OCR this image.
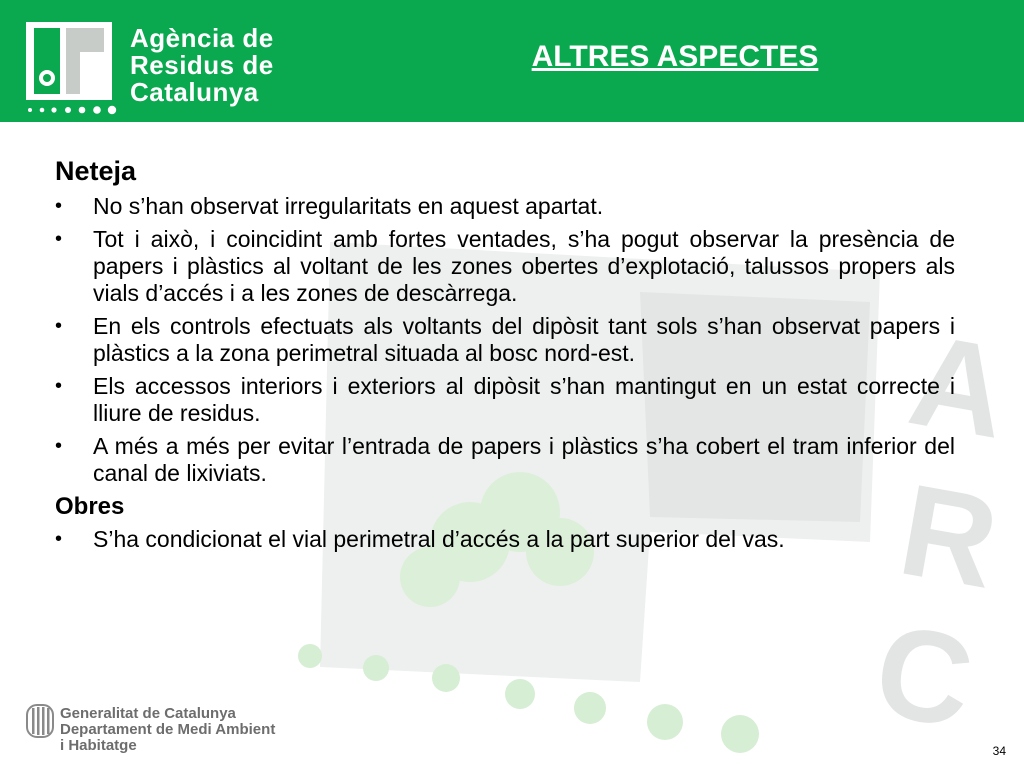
Agència de
Residus de
Catalunya
ALTRES ASPECTES
A
R
C
Neteja
•	No s’han observat irregularitats en aquest apartat.
•	Tot i això, i coincidint amb fortes ventades, s’ha pogut observar la presència de papers i plàstics al voltant de les zones obertes d’explotació, talussos propers als vials d’accés i a les zones de descàrrega.
•	En els controls efectuats als voltants del dipòsit tant sols s’han observat papers i plàstics a la zona perimetral situada al bosc nord-est.
•	Els accessos interiors i exteriors al dipòsit s’han mantingut en un estat correcte i lliure de residus.
•	A més a més per evitar l’entrada de papers i plàstics s’ha cobert el tram inferior del canal de lixiviats.
Obres
•	S’ha condicionat el vial perimetral d’accés a la part superior del vas.
Generalitat de Catalunya
Departament de Medi Ambient
i Habitatge	34
